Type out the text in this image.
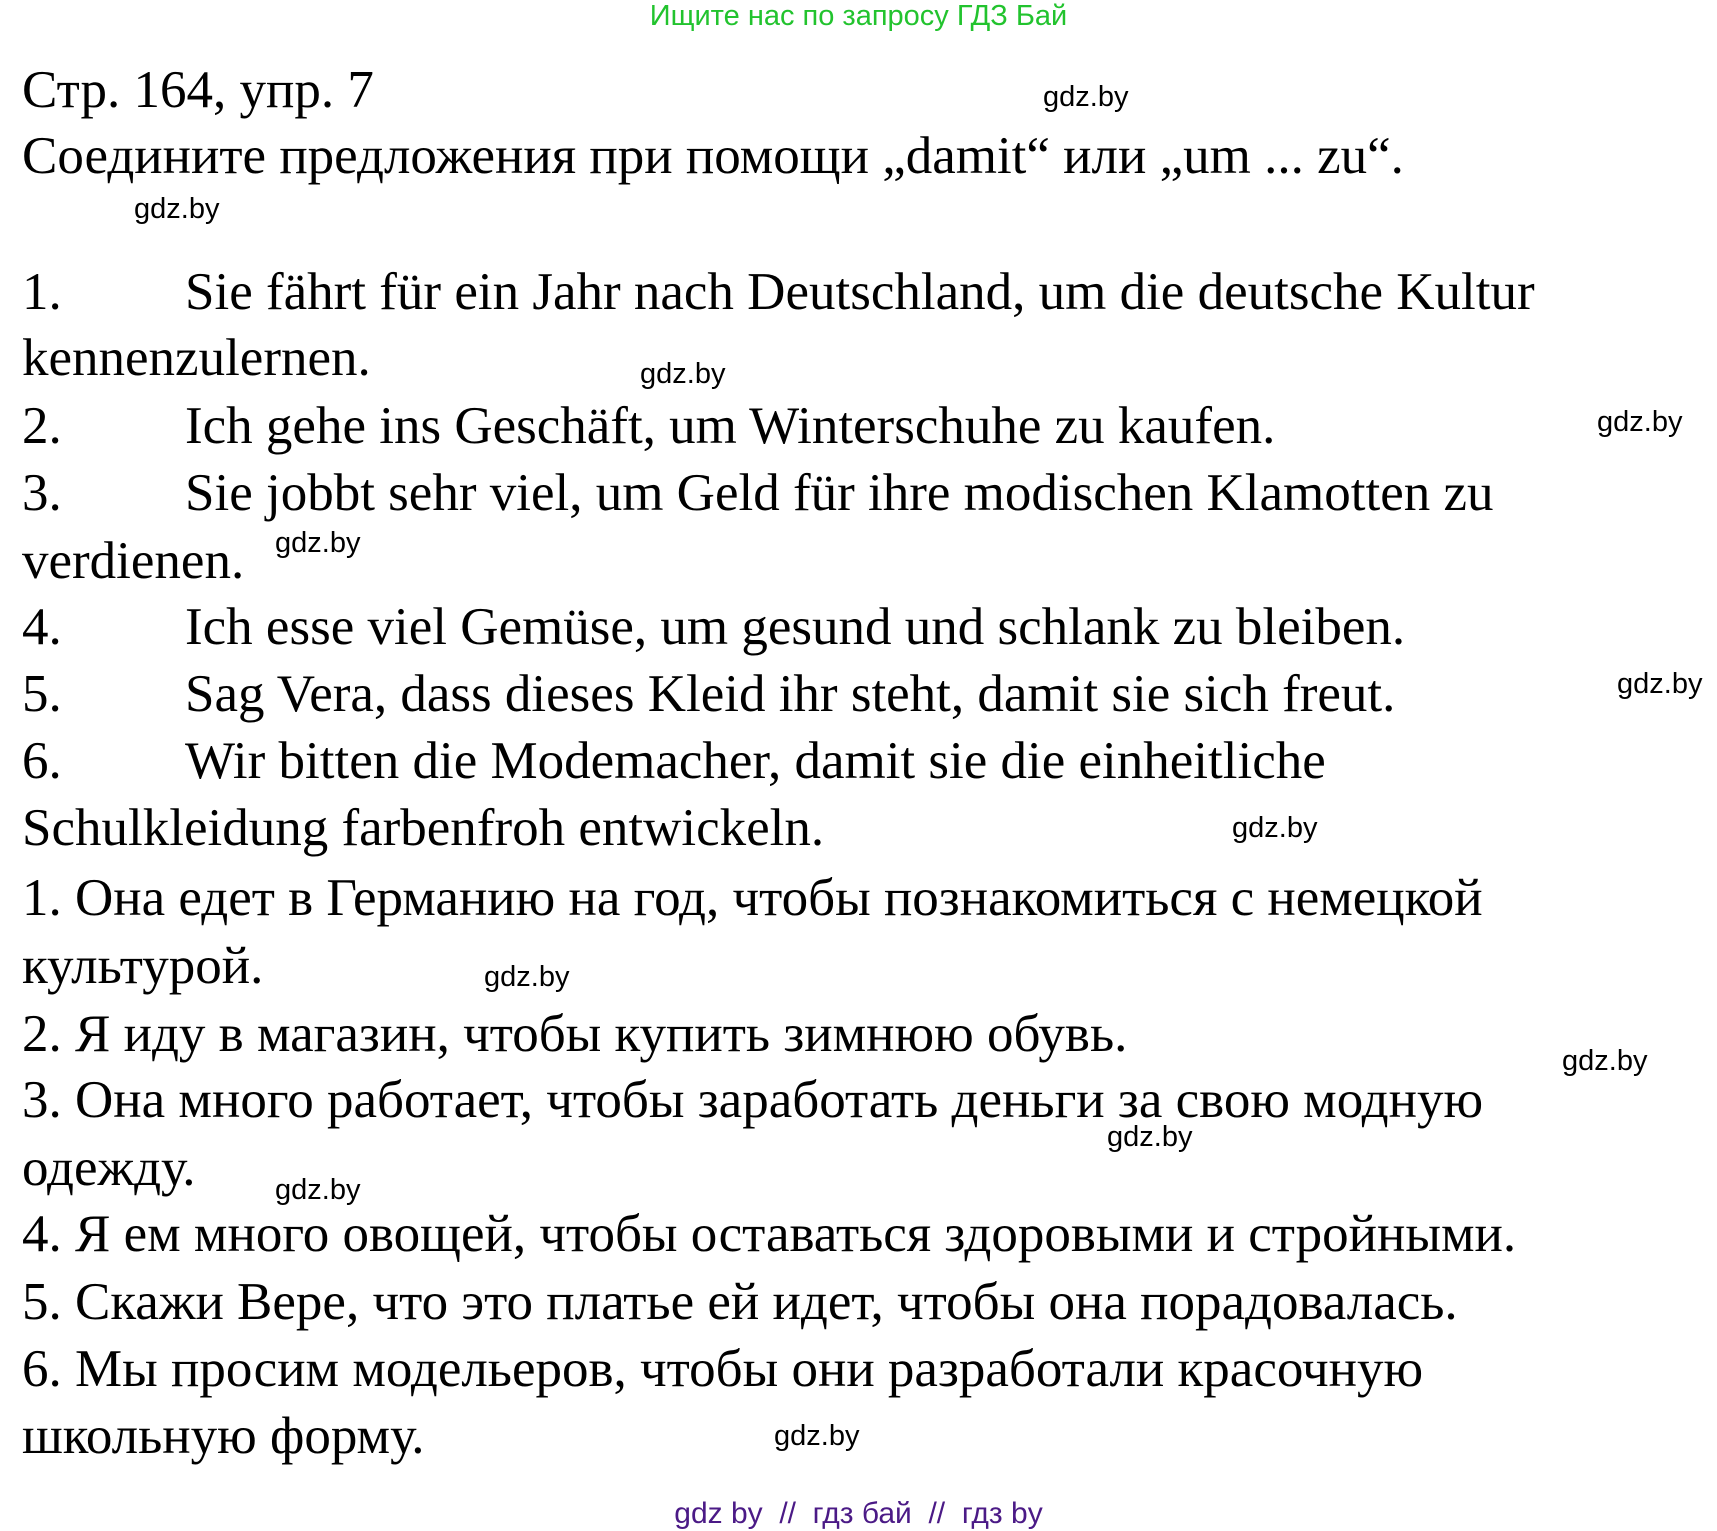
Ищите нас по запросу ГДЗ Бай
Стр. 164, упр. 7
Соедините предложения при помощи „damit“ или „um ... zu“.
1. Sie fährt für ein Jahr nach Deutschland, um die deutsche Kultur
kennenzulernen.
2. Ich gehe ins Geschäft, um Winterschuhe zu kaufen.
3. Sie jobbt sehr viel, um Geld für ihre modischen Klamotten zu
verdienen.
4. Ich esse viel Gemüse, um gesund und schlank zu bleiben.
5. Sag Vera, dass dieses Kleid ihr steht, damit sie sich freut.
6. Wir bitten die Modemacher, damit sie die einheitliche
Schulkleidung farbenfroh entwickeln.
1. Она едет в Германию на год, чтобы познакомиться с немецкой
культурой.
2. Я иду в магазин, чтобы купить зимнюю обувь.
3. Она много работает, чтобы заработать деньги за свою модную
одежду.
4. Я ем много овощей, чтобы оставаться здоровыми и стройными.
5. Скажи Вере, что это платье ей идет, чтобы она порадовалась.
6. Мы просим модельеров, чтобы они разработали красочную
школьную форму.
gdz.by
gdz.by
gdz.by
gdz.by
gdz.by
gdz.by
gdz.by
gdz.by
gdz.by
gdz.by
gdz.by
gdz.by
gdz by  //  гдз бай  //  гдз by
